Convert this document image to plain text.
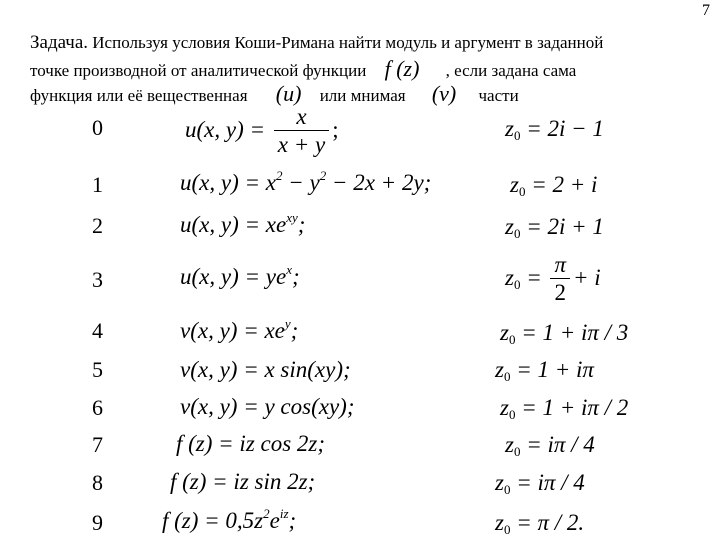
7
Задача. Используя условия Коши-Римана найти модуль и аргумент в заданной
точке производной от аналитической функции f (z) , если задана сама
функция или её вещественная (u) или мнимая (v) части
0	u(x, $y) = \frac{x}{x + y}$ ;	$z_0 = 2i - 1$
1	u(x, $y) = x^2 - y^2 - 2x + 2y$;	$z_0 = 2 + i$
2	u(x, $y) = xe^{xy}$;	$z_0 = 2i + 1$
3	u(x, $y) = ye^x$;	$z_0 = \frac{\pi}{2} + i$
4	v(x, $y) = xe^y$;	$z_0 = 1 + i\pi / 3$
5	v(x, y) = x sin(xy);	$z_0 = 1 + i\pi$
6	v(x, y) = y cos(xy);	$z_0 = 1 + i\pi / 2$
7	f (z) = iz cos 2z;	$z_0 = i\pi / 4$
8	f (z) = iz sin 2z;	$z_0 = i\pi / 4$
9	f $(z) = 0,5z^2e^{iz}$;	$z_0 = \pi / 2$.
